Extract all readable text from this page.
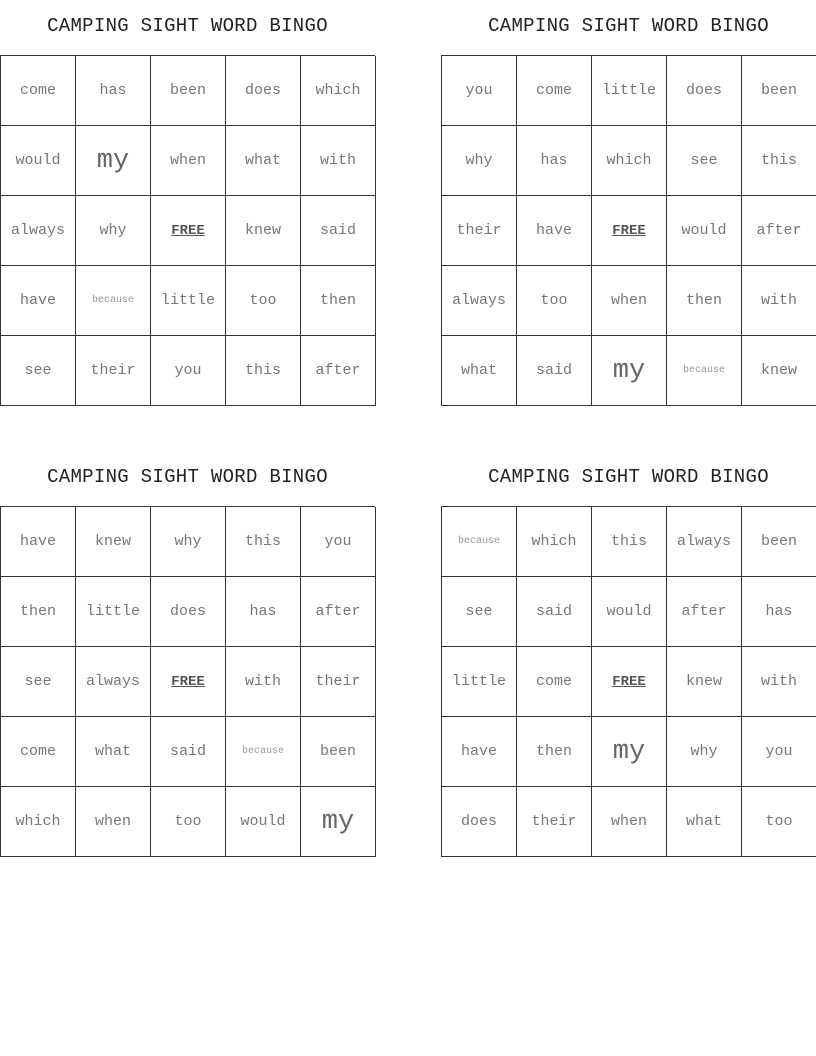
CAMPING SIGHT WORD BINGO
come	has	been	does	which
would	my	when	what	with
always	why	FREE	knew	said
have	because	little	too	then
see	their	you	this	after
CAMPING SIGHT WORD BINGO
you	come	little	does	been
why	has	which	see	this
their	have	FREE	would	after
always	too	when	then	with
what	said	my	because	knew
CAMPING SIGHT WORD BINGO
have	knew	why	this	you
then	little	does	has	after
see	always	FREE	with	their
come	what	said	because	been
which	when	too	would	my
CAMPING SIGHT WORD BINGO
because	which	this	always	been
see	said	would	after	has
little	come	FREE	knew	with
have	then	my	why	you
does	their	when	what	too
